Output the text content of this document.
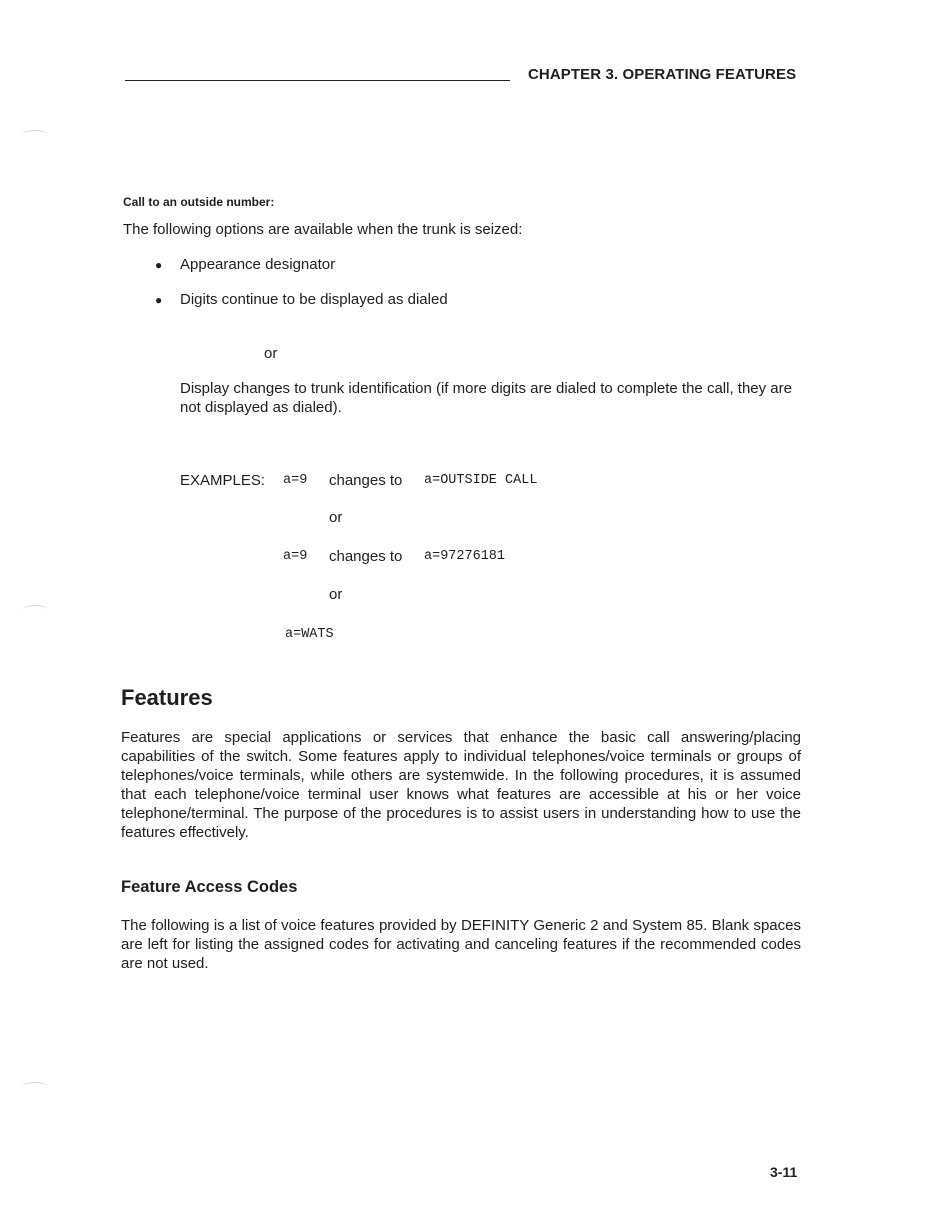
CHAPTER 3. OPERATING FEATURES
Call to an outside number:
The following options are available when the trunk is seized:
● Appearance designator
● Digits continue to be displayed as dialed
or
Display changes to trunk identification (if more digits are dialed to complete the call, they are not displayed as dialed).
EXAMPLES: a=9 changes to a=OUTSIDE CALL
or
a=9 changes to a=97276181
or
a=WATS
Features
Features are special applications or services that enhance the basic call answering/placing capabilities of the switch. Some features apply to individual telephones/voice terminals or groups of telephones/voice terminals, while others are systemwide. In the following procedures, it is assumed that each telephone/voice terminal user knows what features are accessible at his or her voice telephone/terminal. The purpose of the procedures is to assist users in understanding how to use the features effectively.
Feature Access Codes
The following is a list of voice features provided by DEFINITY Generic 2 and System 85. Blank spaces are left for listing the assigned codes for activating and canceling features if the recommended codes are not used.
3-11
